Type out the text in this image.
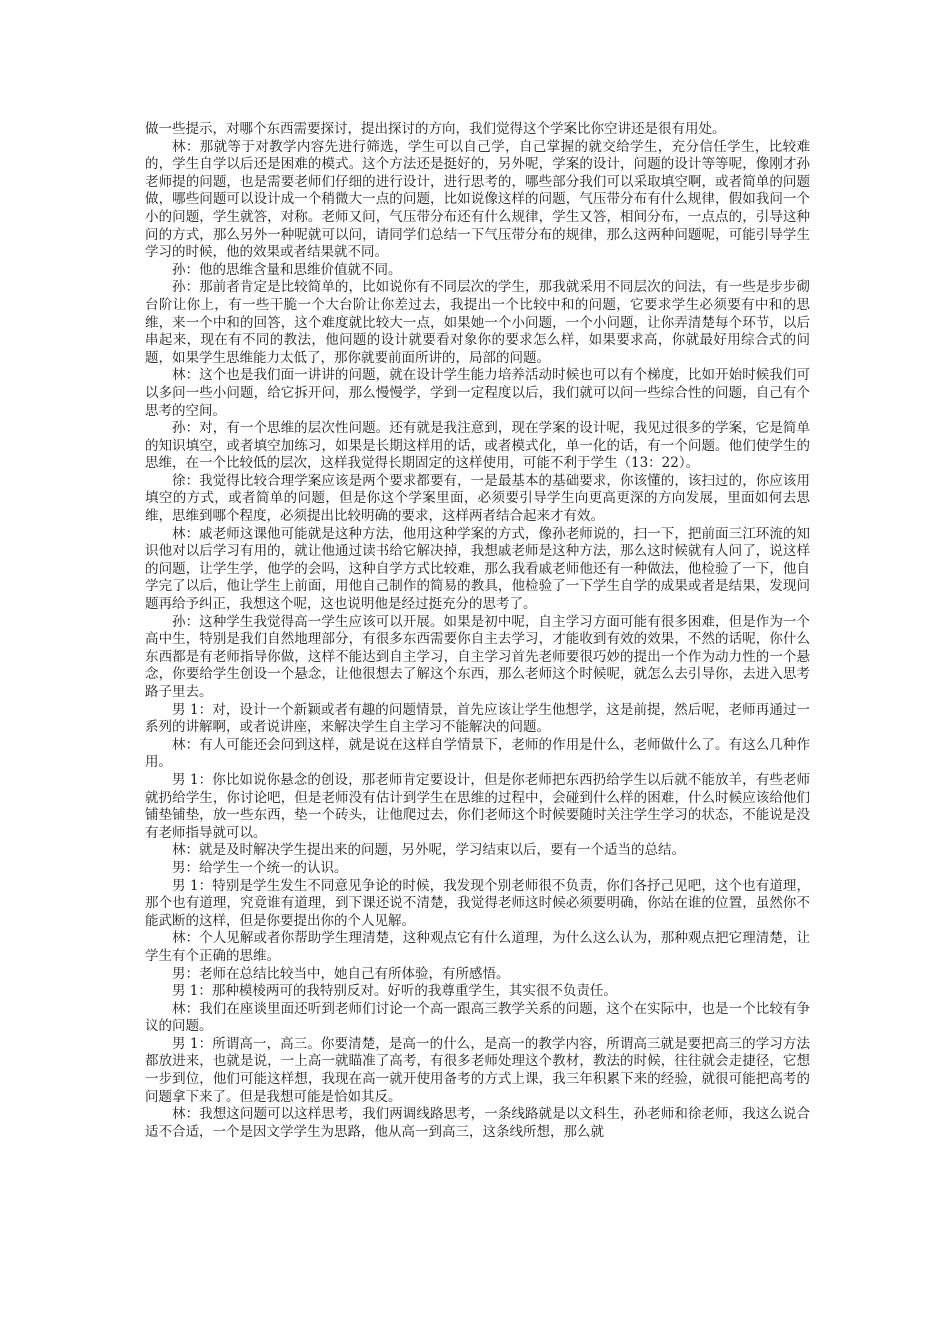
做一些提示，对哪个东西需要探讨，提出探讨的方向，我们觉得这个学案比你空讲还是很有用处。

林：那就等于对教学内容先进行筛选，学生可以自己学，自己掌握的就交给学生，充分信任学生，比较难的，学生自学以后还是困难的模式。这个方法还是挺好的，另外呢，学案的设计，问题的设计等等呢，像刚才孙老师提的问题，也是需要老师们仔细的进行设计，进行思考的，哪些部分我们可以采取填空啊，或者简单的问题做，哪些问题可以设计成一个稍微大一点的问题，比如说像这样的问题，气压带分布有什么规律，假如我问一个小的问题，学生就答，对称。老师又问，气压带分布还有什么规律，学生又答，相间分布，一点点的，引导这种问的方式，那么另外一种呢就可以问，请同学们总结一下气压带分布的规律，那么这两种问题呢，可能引导学生学习的时候，他的效果或者结果就不同。

孙：他的思维含量和思维价值就不同。

孙：那前者肯定是比较简单的，比如说你有不同层次的学生，那我就采用不同层次的问法，有一些是步步砌台阶让你上，有一些干脆一个大台阶让你差过去，我提出一个比较中和的问题，它要求学生必须要有中和的思维，来一个中和的回答，这个难度就比较大一点，如果她一个小问题，一个小问题，让你弄清楚每个环节，以后串起来，现在有不同的教法，他问题的设计就要看对象你的要求怎么样，如果要求高，你就最好用综合式的问题，如果学生思维能力太低了，那你就要前面所讲的，局部的问题。

林：这个也是我们面一讲讲的问题，就在设计学生能力培养活动时候也可以有个梯度，比如开始时候我们可以多问一些小问题，给它拆开问，那么慢慢学，学到一定程度以后，我们就可以问一些综合性的问题，自己有个思考的空间。

孙：对，有一个思维的层次性问题。还有就是我注意到，现在学案的设计呢，我见过很多的学案，它是简单的知识填空，或者填空加练习，如果是长期这样用的话，或者模式化，单一化的话，有一个问题。他们使学生的思维，在一个比较低的层次，这样我觉得长期固定的这样使用，可能不利于学生（13：22）。

徐：我觉得比较合理学案应该是两个要求都要有，一是最基本的基础要求，你该懂的，该扫过的，你应该用填空的方式，或者简单的问题，但是你这个学案里面，必须要引导学生向更高更深的方向发展，里面如何去思维，思维到哪个程度，必须提出比较明确的要求，这样两者结合起来才有效。

林：戚老师这课他可能就是这种方法，他用这种学案的方式，像孙老师说的，扫一下，把前面三江环流的知识他对以后学习有用的，就让他通过读书给它解决掉，我想戚老师是这种方法，那么这时候就有人问了，说这样的问题，让学生学，他学的会吗，这种自学方式比较难，那么我看戚老师他还有一种做法，他检验了一下，他自学完了以后，他让学生上前面，用他自己制作的简易的教具，他检验了一下学生自学的成果或者是结果，发现问题再给予纠正，我想这个呢，这也说明他是经过挺充分的思考了。

孙：这种学生我觉得高一学生应该可以开展。如果是初中呢，自主学习方面可能有很多困难，但是作为一个高中生，特别是我们自然地理部分，有很多东西需要你自主去学习，才能收到有效的效果，不然的话呢，你什么东西都是有老师指导你做，这样不能达到自主学习，自主学习首先老师要很巧妙的提出一个作为动力性的一个悬念，你要给学生创设一个悬念，让他很想去了解这个东西，那么老师这个时候呢，就怎么去引导你，去进入思考路子里去。

男 1：对，设计一个新颖或者有趣的问题情景，首先应该让学生他想学，这是前提，然后呢，老师再通过一系列的讲解啊，或者说讲座，来解决学生自主学习不能解决的问题。

林：有人可能还会问到这样，就是说在这样自学情景下，老师的作用是什么，老师做什么了。有这么几种作用。

男 1：你比如说你悬念的创设，那老师肯定要设计，但是你老师把东西扔给学生以后就不能放羊，有些老师就扔给学生，你讨论吧，但是老师没有估计到学生在思维的过程中，会碰到什么样的困难，什么时候应该给他们铺垫铺垫，放一些东西，垫一个砖头，让他爬过去，你们老师这个时候要随时关注学生学习的状态，不能说是没有老师指导就可以。

林：就是及时解决学生提出来的问题，另外呢，学习结束以后，要有一个适当的总结。

男：给学生一个统一的认识。

男 1：特别是学生发生不同意见争论的时候，我发现个别老师很不负责，你们各抒己见吧，这个也有道理，那个也有道理，究竟谁有道理，到下课还说不清楚，我觉得老师这时候必须要明确，你站在谁的位置，虽然你不能武断的这样，但是你要提出你的个人见解。

林：个人见解或者你帮助学生理清楚，这种观点它有什么道理，为什么这么认为，那种观点把它理清楚，让学生有个正确的思维。

男：老师在总结比较当中，她自己有所体验，有所感悟。

男 1：那种模棱两可的我特别反对。好听的我尊重学生，其实很不负责任。

林：我们在座谈里面还听到老师们讨论一个高一跟高三教学关系的问题，这个在实际中，也是一个比较有争议的问题。

男 1：所谓高一，高三。你要清楚，是高一的什么，是高一的教学内容，所谓高三就是要把高三的学习方法都放进来，也就是说，一上高一就瞄准了高考，有很多老师处理这个教材，教法的时候，往往就会走捷径，它想一步到位，他们可能这样想，我现在高一就开使用备考的方式上课，我三年积累下来的经验，就很可能把高考的问题拿下来了。但是我想可能是恰如其反。

林：我想这问题可以这样思考，我们两调线路思考，一条线路就是以文科生，孙老师和徐老师，我这么说合适不合适，一个是因文学学生为思路，他从高一到高三，这条线所想，那么就
